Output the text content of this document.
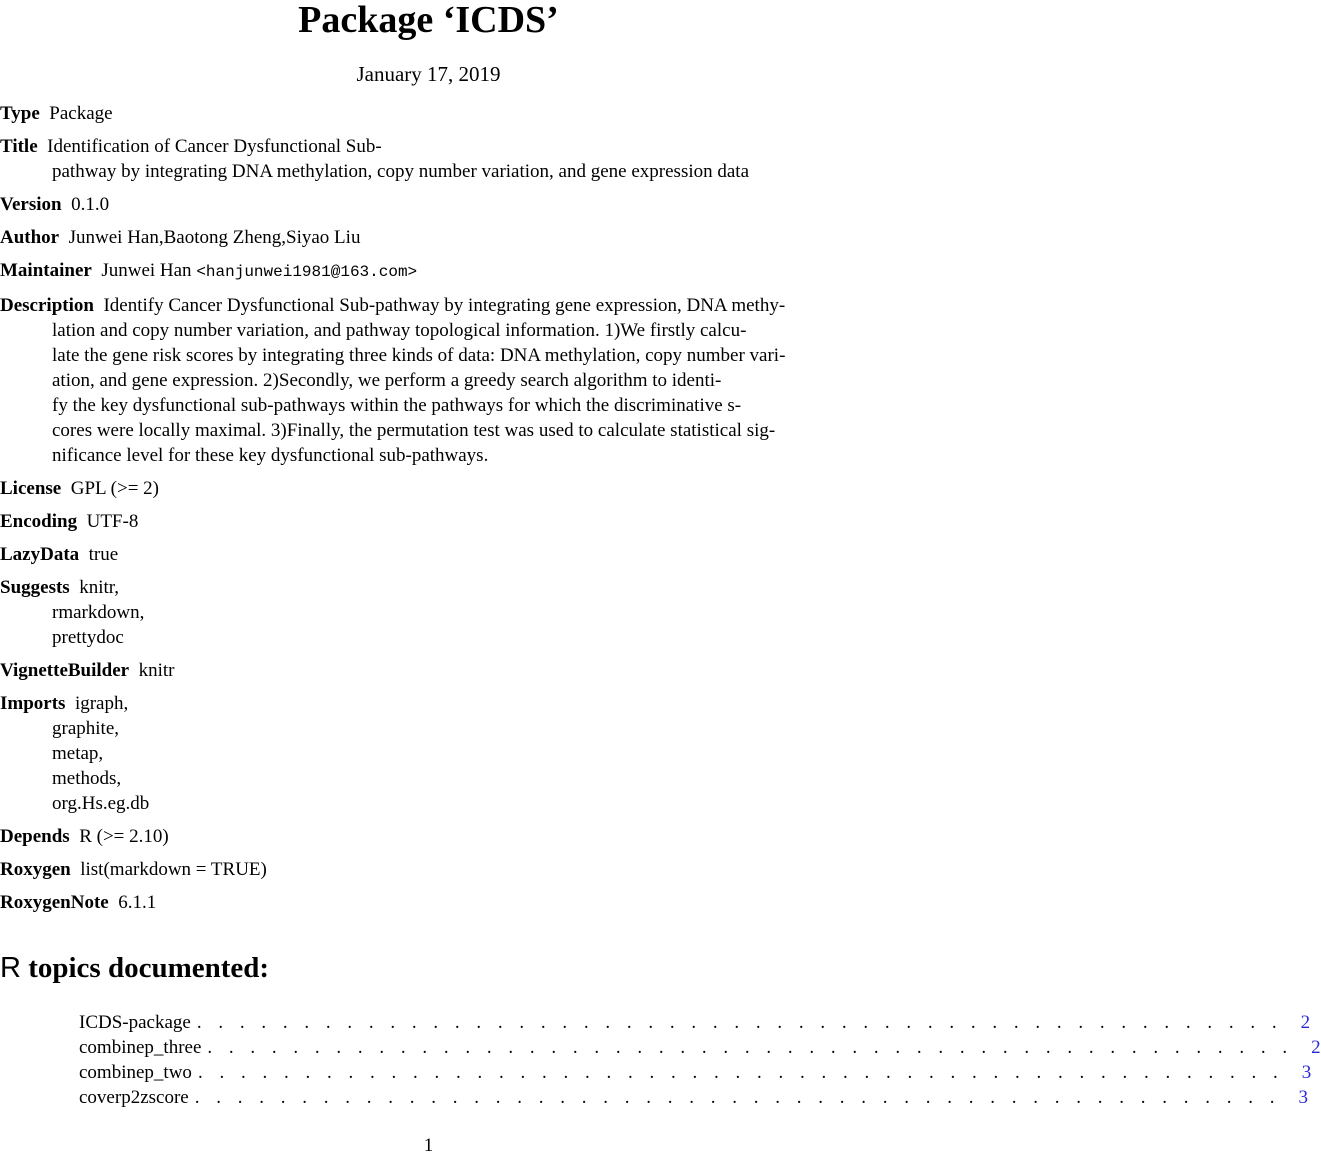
Package ‘ICDS’
January 17, 2019
Type Package
Title Identification of Cancer Dysfunctional Sub-
pathway by integrating DNA methylation, copy number variation, and gene expression data
Version 0.1.0
Author Junwei Han,Baotong Zheng,Siyao Liu
Maintainer Junwei Han <hanjunwei1981@163.com>
Description Identify Cancer Dysfunctional Sub-pathway by integrating gene expression, DNA methy-
lation and copy number variation, and pathway topological information. 1)We firstly calcu-
late the gene risk scores by integrating three kinds of data: DNA methylation, copy number vari-
ation, and gene expression. 2)Secondly, we perform a greedy search algorithm to identi-
fy the key dysfunctional sub-pathways within the pathways for which the discriminative s-
cores were locally maximal. 3)Finally, the permutation test was used to calculate statistical sig-
nificance level for these key dysfunctional sub-pathways.
License GPL (>= 2)
Encoding UTF-8
LazyData true
Suggests knitr,
rmarkdown,
prettydoc
VignetteBuilder knitr
Imports igraph,
graphite,
metap,
methods,
org.Hs.eg.db
Depends R (>= 2.10)
Roxygen list(markdown = TRUE)
RoxygenNote 6.1.1
R topics documented:
ICDS-package . . . . . . . . . . . . . . . . . . . . . . . . . . . . . . . . . . . . . . . . . . . . . . . . . . . 2
combinep_three . . . . . . . . . . . . . . . . . . . . . . . . . . . . . . . . . . . . . . . . . . . . . . . . . . . 2
combinep_two . . . . . . . . . . . . . . . . . . . . . . . . . . . . . . . . . . . . . . . . . . . . . . . . . . . 3
coverp2zscore . . . . . . . . . . . . . . . . . . . . . . . . . . . . . . . . . . . . . . . . . . . . . . . . . . . 3
1
